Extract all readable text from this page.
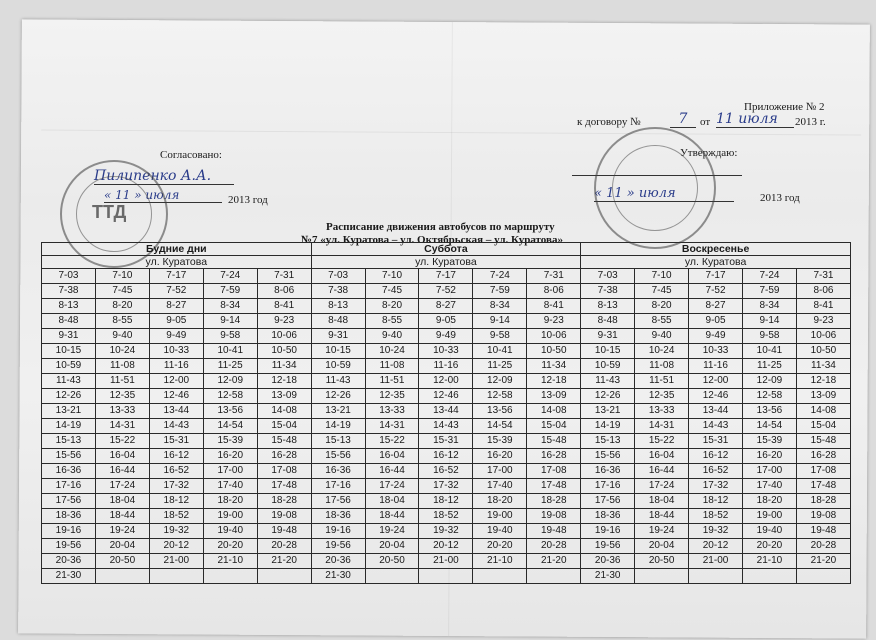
Приложение № 2
к договору №	7	от 11 июля	2013 г.
Утверждаю:
« 11 » июля	2013 год
Согласовано:
Пилипенко А.А.
« 11 » июля	2013 год
ТТД
Расписание движения автобусов по маршруту
№7 «ул. Куратова – ул. Октябрьская – ул. Куратова»
Будние дни					Суббота					Воскресенье				
ул. Куратова					ул. Куратова					ул. Куратова				
7-03	7-10	7-17	7-24	7-31	7-03	7-10	7-17	7-24	7-31	7-03	7-10	7-17	7-24	7-31
7-38	7-45	7-52	7-59	8-06	7-38	7-45	7-52	7-59	8-06	7-38	7-45	7-52	7-59	8-06
8-13	8-20	8-27	8-34	8-41	8-13	8-20	8-27	8-34	8-41	8-13	8-20	8-27	8-34	8-41
8-48	8-55	9-05	9-14	9-23	8-48	8-55	9-05	9-14	9-23	8-48	8-55	9-05	9-14	9-23
9-31	9-40	9-49	9-58	10-06	9-31	9-40	9-49	9-58	10-06	9-31	9-40	9-49	9-58	10-06
10-15	10-24	10-33	10-41	10-50	10-15	10-24	10-33	10-41	10-50	10-15	10-24	10-33	10-41	10-50
10-59	11-08	11-16	11-25	11-34	10-59	11-08	11-16	11-25	11-34	10-59	11-08	11-16	11-25	11-34
11-43	11-51	12-00	12-09	12-18	11-43	11-51	12-00	12-09	12-18	11-43	11-51	12-00	12-09	12-18
12-26	12-35	12-46	12-58	13-09	12-26	12-35	12-46	12-58	13-09	12-26	12-35	12-46	12-58	13-09
13-21	13-33	13-44	13-56	14-08	13-21	13-33	13-44	13-56	14-08	13-21	13-33	13-44	13-56	14-08
14-19	14-31	14-43	14-54	15-04	14-19	14-31	14-43	14-54	15-04	14-19	14-31	14-43	14-54	15-04
15-13	15-22	15-31	15-39	15-48	15-13	15-22	15-31	15-39	15-48	15-13	15-22	15-31	15-39	15-48
15-56	16-04	16-12	16-20	16-28	15-56	16-04	16-12	16-20	16-28	15-56	16-04	16-12	16-20	16-28
16-36	16-44	16-52	17-00	17-08	16-36	16-44	16-52	17-00	17-08	16-36	16-44	16-52	17-00	17-08
17-16	17-24	17-32	17-40	17-48	17-16	17-24	17-32	17-40	17-48	17-16	17-24	17-32	17-40	17-48
17-56	18-04	18-12	18-20	18-28	17-56	18-04	18-12	18-20	18-28	17-56	18-04	18-12	18-20	18-28
18-36	18-44	18-52	19-00	19-08	18-36	18-44	18-52	19-00	19-08	18-36	18-44	18-52	19-00	19-08
19-16	19-24	19-32	19-40	19-48	19-16	19-24	19-32	19-40	19-48	19-16	19-24	19-32	19-40	19-48
19-56	20-04	20-12	20-20	20-28	19-56	20-04	20-12	20-20	20-28	19-56	20-04	20-12	20-20	20-28
20-36	20-50	21-00	21-10	21-20	20-36	20-50	21-00	21-10	21-20	20-36	20-50	21-00	21-10	21-20
21-30					21-30					21-30				
